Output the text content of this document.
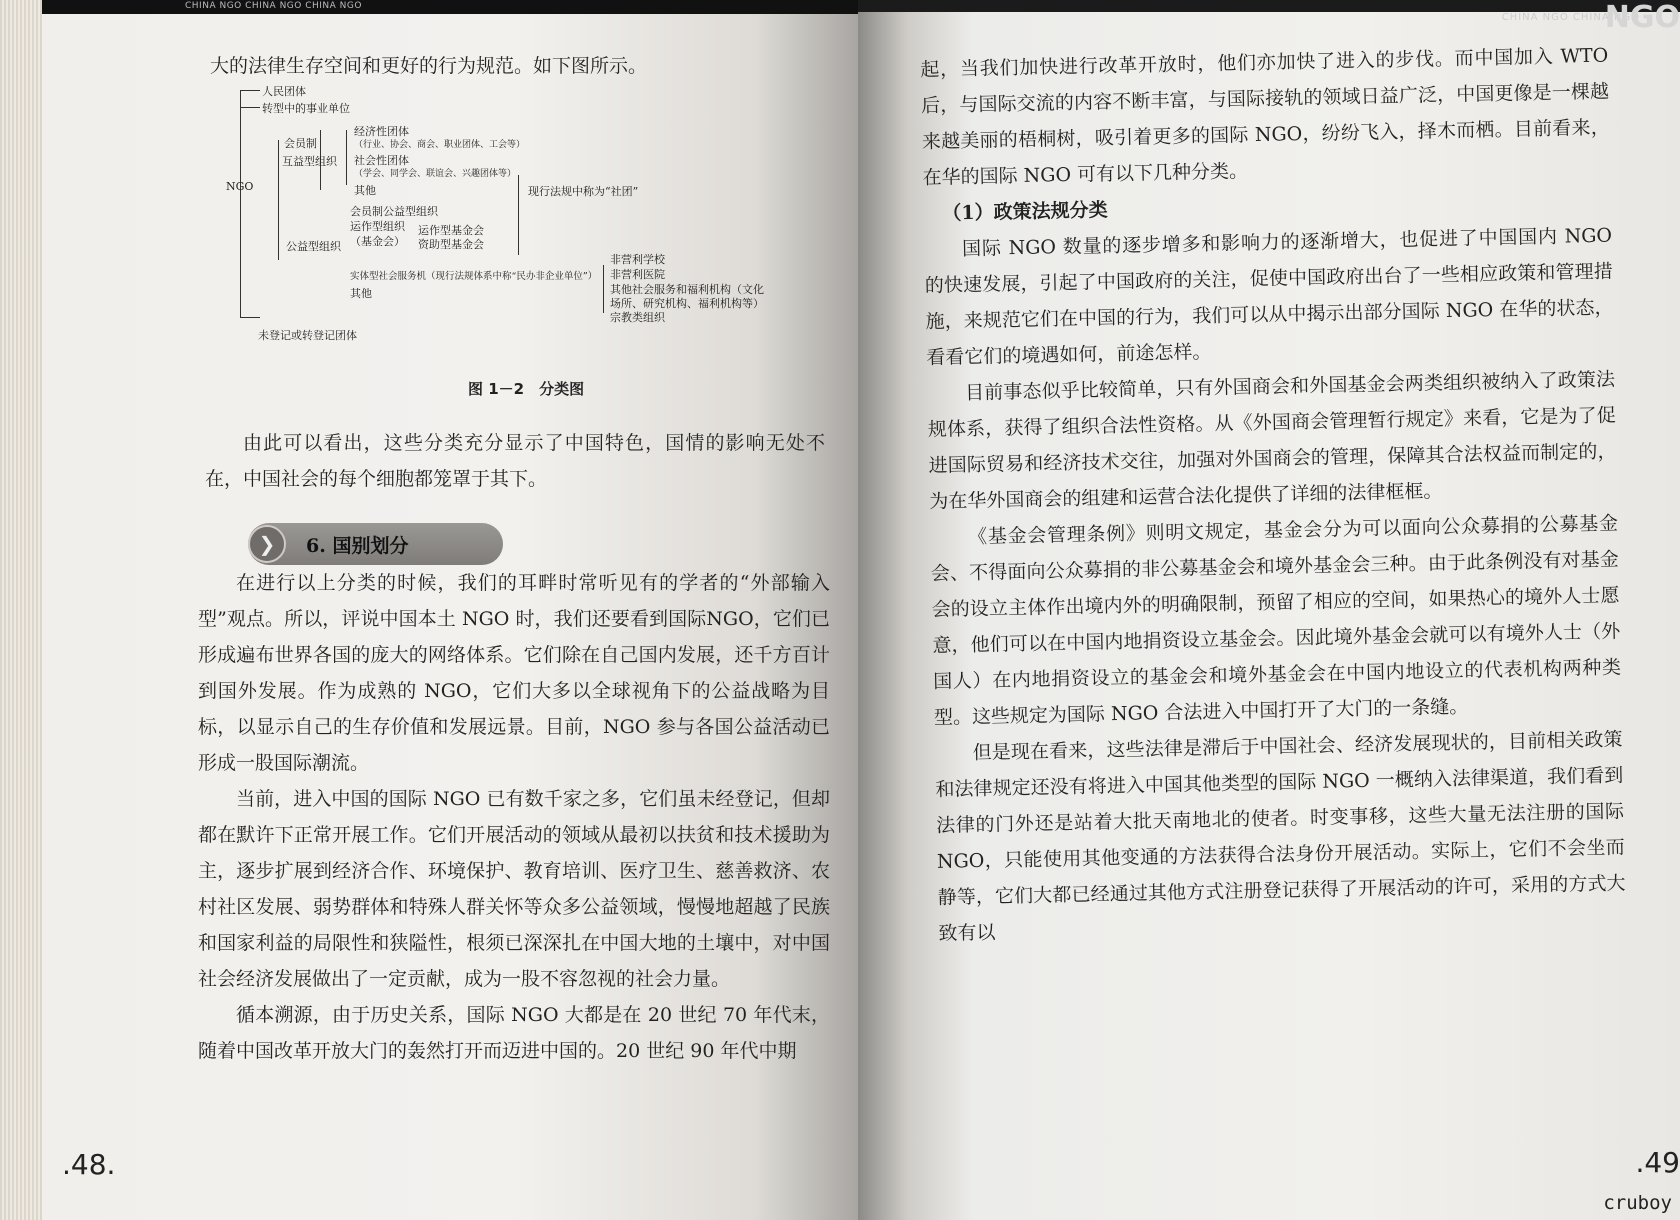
CHINA NGO CHINA NGO CHINA NGO

大的法律生存空间和更好的行为规范。如下图所示。

人民团体
转型中的事业单位
NGO
会员制
互益型组织
经济性团体
（行业、协会、商会、职业团体、工会等）
社会性团体
（学会、同学会、联谊会、兴趣团体等）
其他	现行法规中称为“社团”
会员制公益型组织
运作型组织
（基金会）
运作型基金会
资助型基金会
公益型组织
实体型社会服务机（现行法规体系中称“民办非企业单位”）
其他
非营利学校
非营利医院
其他社会服务和福利机构（文化
场所、研究机构、福利机构等）
宗教类组织
未登记或转登记团体
图 1－2　分类图

由此可以看出，这些分类充分显示了中国特色，国情的影响无处不在，中国社会的每个细胞都笼罩于其下。

❯	6. 国别划分

在进行以上分类的时候，我们的耳畔时常听见有的学者的“外部输入型”观点。所以，评说中国本土 NGO 时，我们还要看到国际NGO，它们已形成遍布世界各国的庞大的网络体系。它们除在自己国内发展，还千方百计到国外发展。作为成熟的 NGO，它们大多以全球视角下的公益战略为目标，以显示自己的生存价值和发展远景。目前，NGO 参与各国公益活动已形成一股国际潮流。

当前，进入中国的国际 NGO 已有数千家之多，它们虽未经登记，但却都在默许下正常开展工作。它们开展活动的领域从最初以扶贫和技术援助为主，逐步扩展到经济合作、环境保护、教育培训、医疗卫生、慈善救济、农村社区发展、弱势群体和特殊人群关怀等众多公益领域，慢慢地超越了民族和国家利益的局限性和狭隘性，根须已深深扎在中国大地的土壤中，对中国社会经济发展做出了一定贡献，成为一股不容忽视的社会力量。

循本溯源，由于历史关系，国际 NGO 大都是在 20 世纪 70 年代末，随着中国改革开放大门的轰然打开而迈进中国的。20 世纪 90 年代中期

.48.
CHINA NGO CHINA NGO
NGO

起，当我们加快进行改革开放时，他们亦加快了进入的步伐。而中国加入 WTO 后，与国际交流的内容不断丰富，与国际接轨的领域日益广泛，中国更像是一棵越来越美丽的梧桐树，吸引着更多的国际 NGO，纷纷飞入，择木而栖。目前看来，在华的国际 NGO 可有以下几种分类。

（1）政策法规分类

国际 NGO 数量的逐步增多和影响力的逐渐增大，也促进了中国国内 NGO 的快速发展，引起了中国政府的关注，促使中国政府出台了一些相应政策和管理措施，来规范它们在中国的行为，我们可以从中揭示出部分国际 NGO 在华的状态，看看它们的境遇如何，前途怎样。

目前事态似乎比较简单，只有外国商会和外国基金会两类组织被纳入了政策法规体系，获得了组织合法性资格。从《外国商会管理暂行规定》来看，它是为了促进国际贸易和经济技术交往，加强对外国商会的管理，保障其合法权益而制定的，为在华外国商会的组建和运营合法化提供了详细的法律框框。

《基金会管理条例》则明文规定，基金会分为可以面向公众募捐的公募基金会、不得面向公众募捐的非公募基金会和境外基金会三种。由于此条例没有对基金会的设立主体作出境内外的明确限制，预留了相应的空间，如果热心的境外人士愿意，他们可以在中国内地捐资设立基金会。因此境外基金会就可以有境外人士（外国人）在内地捐资设立的基金会和境外基金会在中国内地设立的代表机构两种类型。这些规定为国际 NGO 合法进入中国打开了大门的一条缝。

但是现在看来，这些法律是滞后于中国社会、经济发展现状的，目前相关政策和法律规定还没有将进入中国其他类型的国际 NGO 一概纳入法律渠道，我们看到法律的门外还是站着大批天南地北的使者。时变事移，这些大量无法注册的国际 NGO，只能使用其他变通的方法获得合法身份开展活动。实际上，它们不会坐而静等，它们大都已经通过其他方式注册登记获得了开展活动的许可，采用的方式大致有以

.49
cruboy
